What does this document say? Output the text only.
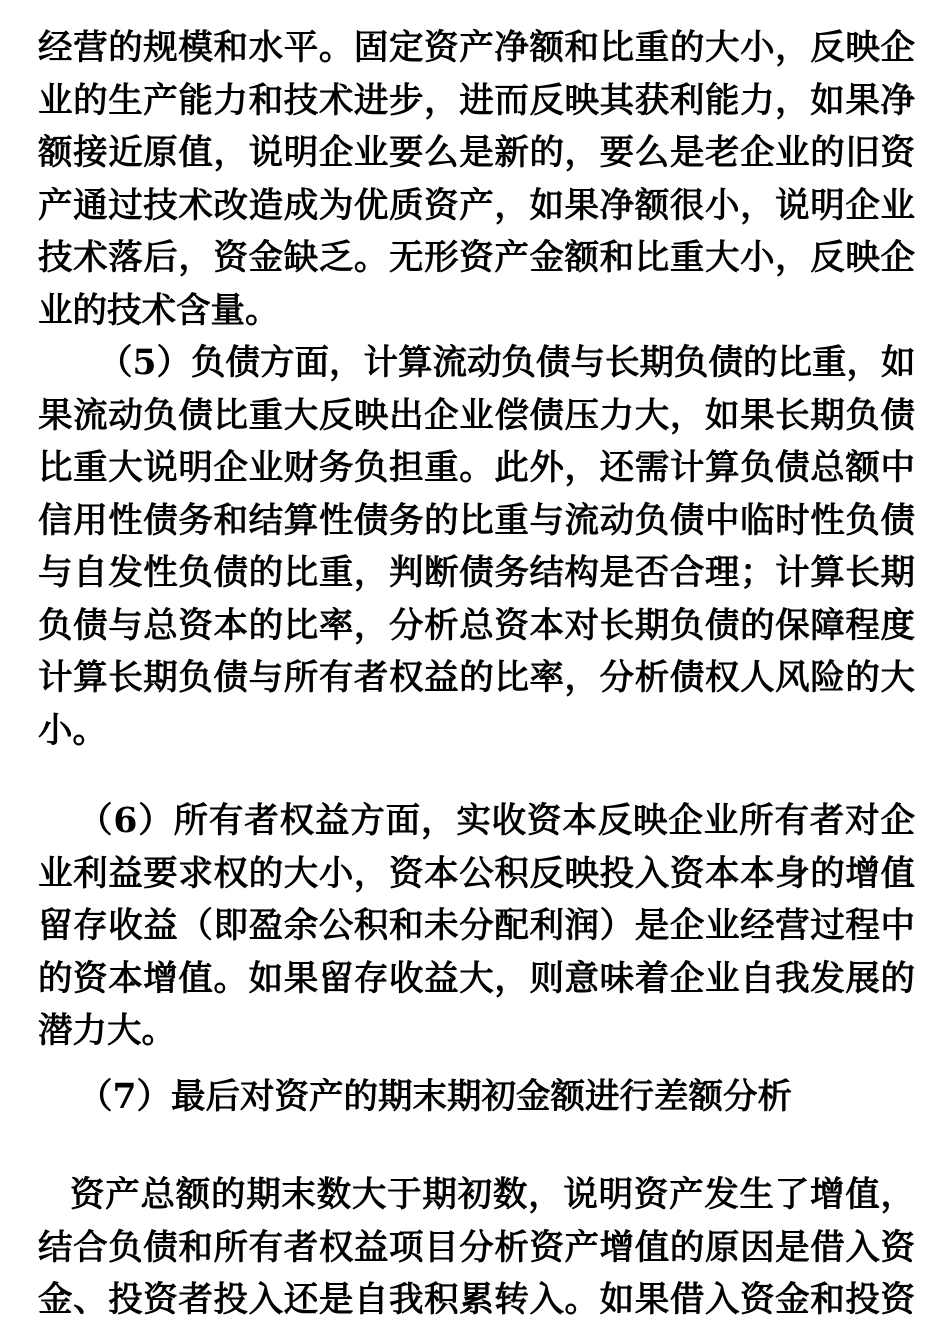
经营的规模和水平。固定资产净额和比重的大小，反映企
业的生产能力和技术进步，进而反映其获利能力，如果净
额接近原值，说明企业要么是新的，要么是老企业的旧资
产通过技术改造成为优质资产，如果净额很小，说明企业
技术落后，资金缺乏。无形资产金额和比重大小，反映企
业的技术含量。
（5）负债方面，计算流动负债与长期负债的比重，如
果流动负债比重大反映出企业偿债压力大，如果长期负债
比重大说明企业财务负担重。此外，还需计算负债总额中
信用性债务和结算性债务的比重与流动负债中临时性负债
与自发性负债的比重，判断债务结构是否合理；计算长期
负债与总资本的比率，分析总资本对长期负债的保障程度
计算长期负债与所有者权益的比率，分析债权人风险的大
小。
（6）所有者权益方面，实收资本反映企业所有者对企
业利益要求权的大小，资本公积反映投入资本本身的增值
留存收益（即盈余公积和未分配利润）是企业经营过程中
的资本增值。如果留存收益大，则意味着企业自我发展的
潜力大。
（7）最后对资产的期末期初金额进行差额分析
资产总额的期末数大于期初数，说明资产发生了增值，
结合负债和所有者权益项目分析资产增值的原因是借入资
金、投资者投入还是自我积累转入。如果借入资金和投资
